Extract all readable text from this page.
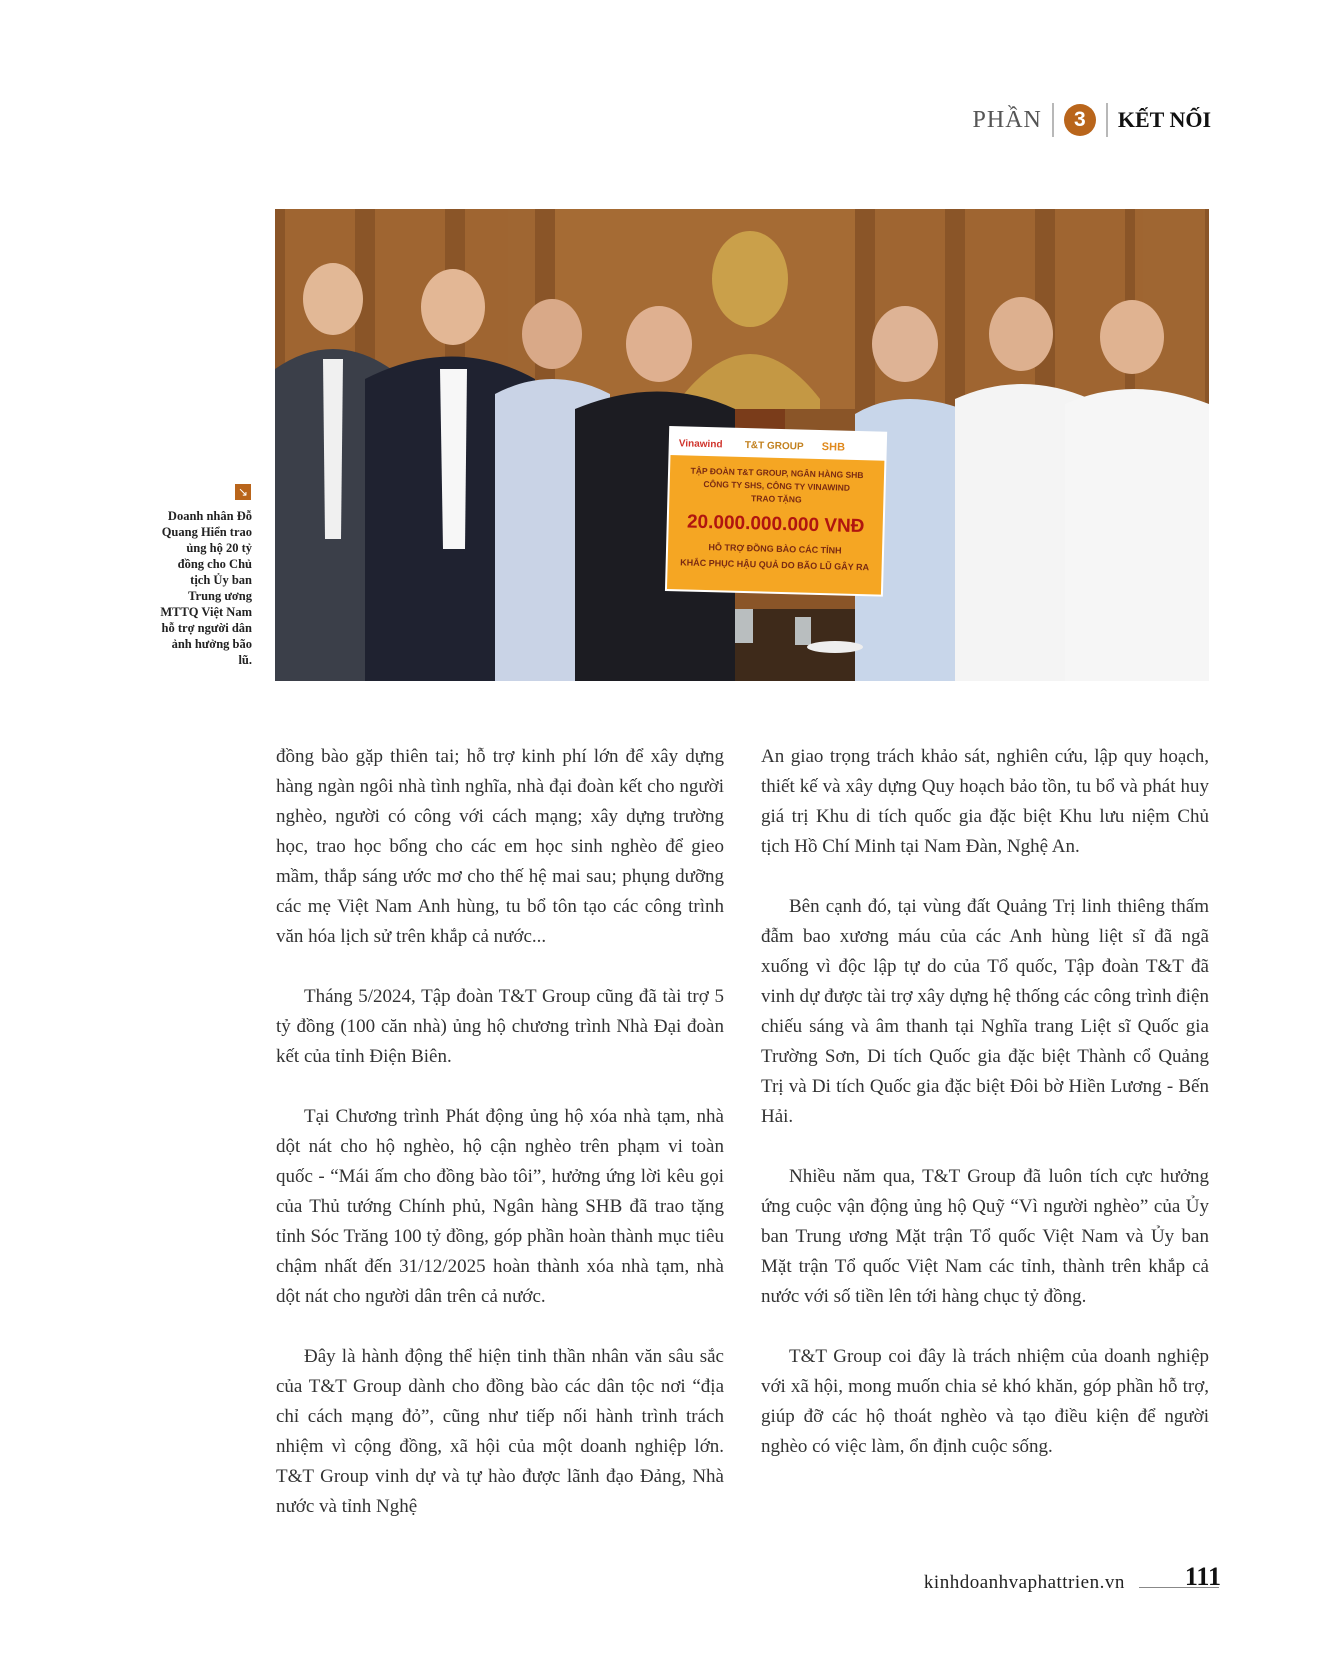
PHẦN	3	KẾT NỐI
Vinawind T&T GROUP SHB
TẬP ĐOÀN T&T GROUP, NGÂN HÀNG SHB
CÔNG TY SHS, CÔNG TY VINAWIND
TRAO TẶNG
20.000.000.000 VNĐ
HỖ TRỢ ĐỒNG BÀO CÁC TỈNH
KHẮC PHỤC HẬU QUẢ DO BÃO LŨ GÂY RA
↘
Doanh nhân Đỗ Quang Hiển trao ủng hộ 20 tỷ đồng cho Chủ tịch Ủy ban Trung ương MTTQ Việt Nam hỗ trợ người dân ảnh hưởng bão lũ.

đồng bào gặp thiên tai; hỗ trợ kinh phí lớn để xây dựng hàng ngàn ngôi nhà tình nghĩa, nhà đại đoàn kết cho người nghèo, người có công với cách mạng; xây dựng trường học, trao học bổng cho các em học sinh nghèo để gieo mầm, thắp sáng ước mơ cho thế hệ mai sau; phụng dưỡng các mẹ Việt Nam Anh hùng, tu bổ tôn tạo các công trình văn hóa lịch sử trên khắp cả nước...

Tháng 5/2024, Tập đoàn T&T Group cũng đã tài trợ 5 tỷ đồng (100 căn nhà) ủng hộ chương trình Nhà Đại đoàn kết của tỉnh Điện Biên.

Tại Chương trình Phát động ủng hộ xóa nhà tạm, nhà dột nát cho hộ nghèo, hộ cận nghèo trên phạm vi toàn quốc - “Mái ấm cho đồng bào tôi”, hưởng ứng lời kêu gọi của Thủ tướng Chính phủ, Ngân hàng SHB đã trao tặng tỉnh Sóc Trăng 100 tỷ đồng, góp phần hoàn thành mục tiêu chậm nhất đến 31/12/2025 hoàn thành xóa nhà tạm, nhà dột nát cho người dân trên cả nước.

Đây là hành động thể hiện tinh thần nhân văn sâu sắc của T&T Group dành cho đồng bào các dân tộc nơi “địa chỉ cách mạng đỏ”, cũng như tiếp nối hành trình trách nhiệm vì cộng đồng, xã hội của một doanh nghiệp lớn. T&T Group vinh dự và tự hào được lãnh đạo Đảng, Nhà nước và tỉnh Nghệ

An giao trọng trách khảo sát, nghiên cứu, lập quy hoạch, thiết kế và xây dựng Quy hoạch bảo tồn, tu bổ và phát huy giá trị Khu di tích quốc gia đặc biệt Khu lưu niệm Chủ tịch Hồ Chí Minh tại Nam Đàn, Nghệ An.

Bên cạnh đó, tại vùng đất Quảng Trị linh thiêng thấm đẫm bao xương máu của các Anh hùng liệt sĩ đã ngã xuống vì độc lập tự do của Tổ quốc, Tập đoàn T&T đã vinh dự được tài trợ xây dựng hệ thống các công trình điện chiếu sáng và âm thanh tại Nghĩa trang Liệt sĩ Quốc gia Trường Sơn, Di tích Quốc gia đặc biệt Thành cổ Quảng Trị và Di tích Quốc gia đặc biệt Đôi bờ Hiền Lương - Bến Hải.

Nhiều năm qua, T&T Group đã luôn tích cực hưởng ứng cuộc vận động ủng hộ Quỹ “Vì người nghèo” của Ủy ban Trung ương Mặt trận Tổ quốc Việt Nam và Ủy ban Mặt trận Tổ quốc Việt Nam các tỉnh, thành trên khắp cả nước với số tiền lên tới hàng chục tỷ đồng.

T&T Group coi đây là trách nhiệm của doanh nghiệp với xã hội, mong muốn chia sẻ khó khăn, góp phần hỗ trợ, giúp đỡ các hộ thoát nghèo và tạo điều kiện để người nghèo có việc làm, ổn định cuộc sống.

kinhdoanhvaphattrien.vn 111
